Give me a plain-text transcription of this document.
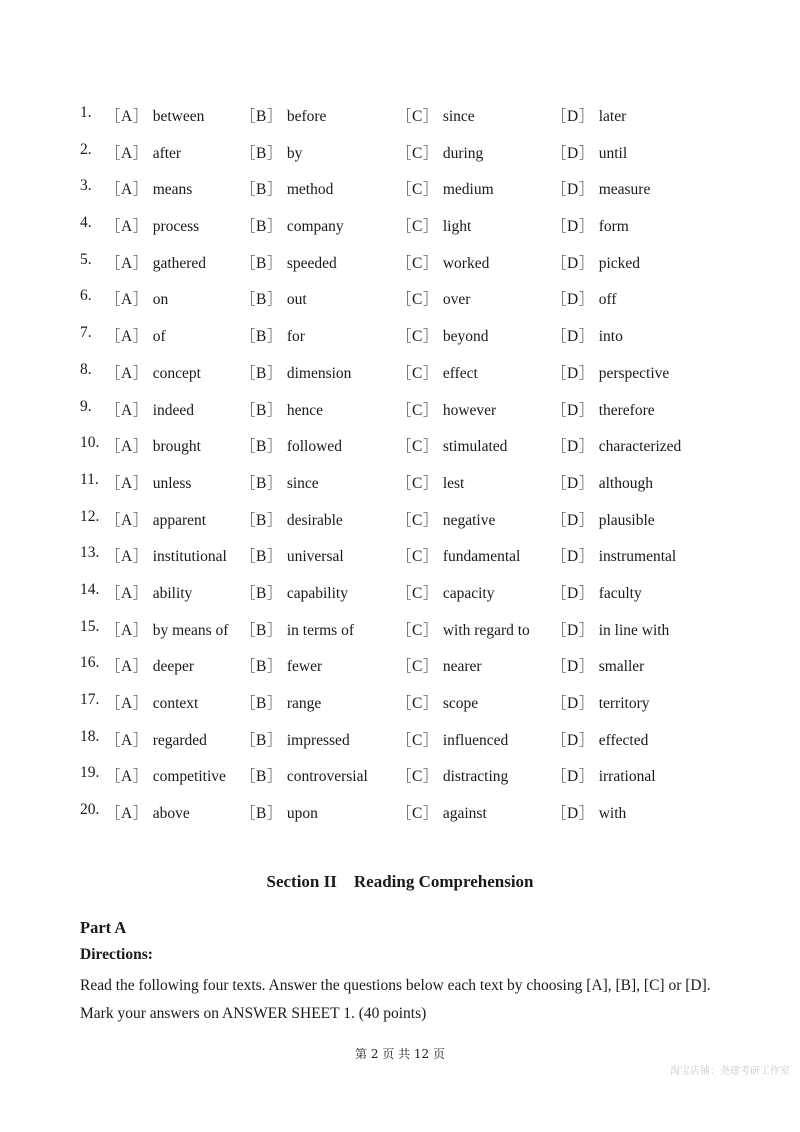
1. ［A］ between ［B］ before	［C］ since	［D］ later
2. ［A］ after	［B］ by	［C］ during	［D］ until
3. ［A］ means	［B］ method	［C］ medium	［D］ measure
4. ［A］ process	［B］ company	［C］ light	［D］ form
5. ［A］ gathered ［B］ speeded	［C］ worked	［D］ picked
6. ［A］ on	［B］ out	［C］ over	［D］ off
7. ［A］ of	［B］ for	［C］ beyond	［D］ into
8. ［A］ concept	［B］ dimension	［C］ effect	［D］ perspective
9. ［A］ indeed	［B］ hence	［C］ however	［D］ therefore
10. ［A］ brought	［B］ followed	［C］ stimulated	［D］ characterized
11. ［A］ unless	［B］ since	［C］ lest	［D］ although
12. ［A］ apparent ［B］ desirable	［C］ negative	［D］ plausible
13. ［A］ institutional ［B］ universal	［C］ fundamental ［D］ instrumental
14. ［A］ ability	［B］ capability	［C］ capacity	［D］ faculty
15. ［A］ by means of ［B］ in terms of	［C］ with regard to ［D］ in line with
16. ［A］ deeper	［B］ fewer	［C］ nearer	［D］ smaller
17. ［A］ context	［B］ range	［C］ scope	［D］ territory
18. ［A］ regarded ［B］ impressed	［C］ influenced	［D］ effected
19. ［A］ competitive ［B］ controversial ［C］ distracting	［D］ irrational
20. ［A］ above	［B］ upon	［C］ against	［D］ with
Section II    Reading Comprehension
Part A
Directions:
Read the following four texts. Answer the questions below each text by choosing [A], [B], [C] or [D].
Mark your answers on ANSWER SHEET 1. (40 points)
第 2 页 共 12 页
淘宝店铺：尧建考研工作室
